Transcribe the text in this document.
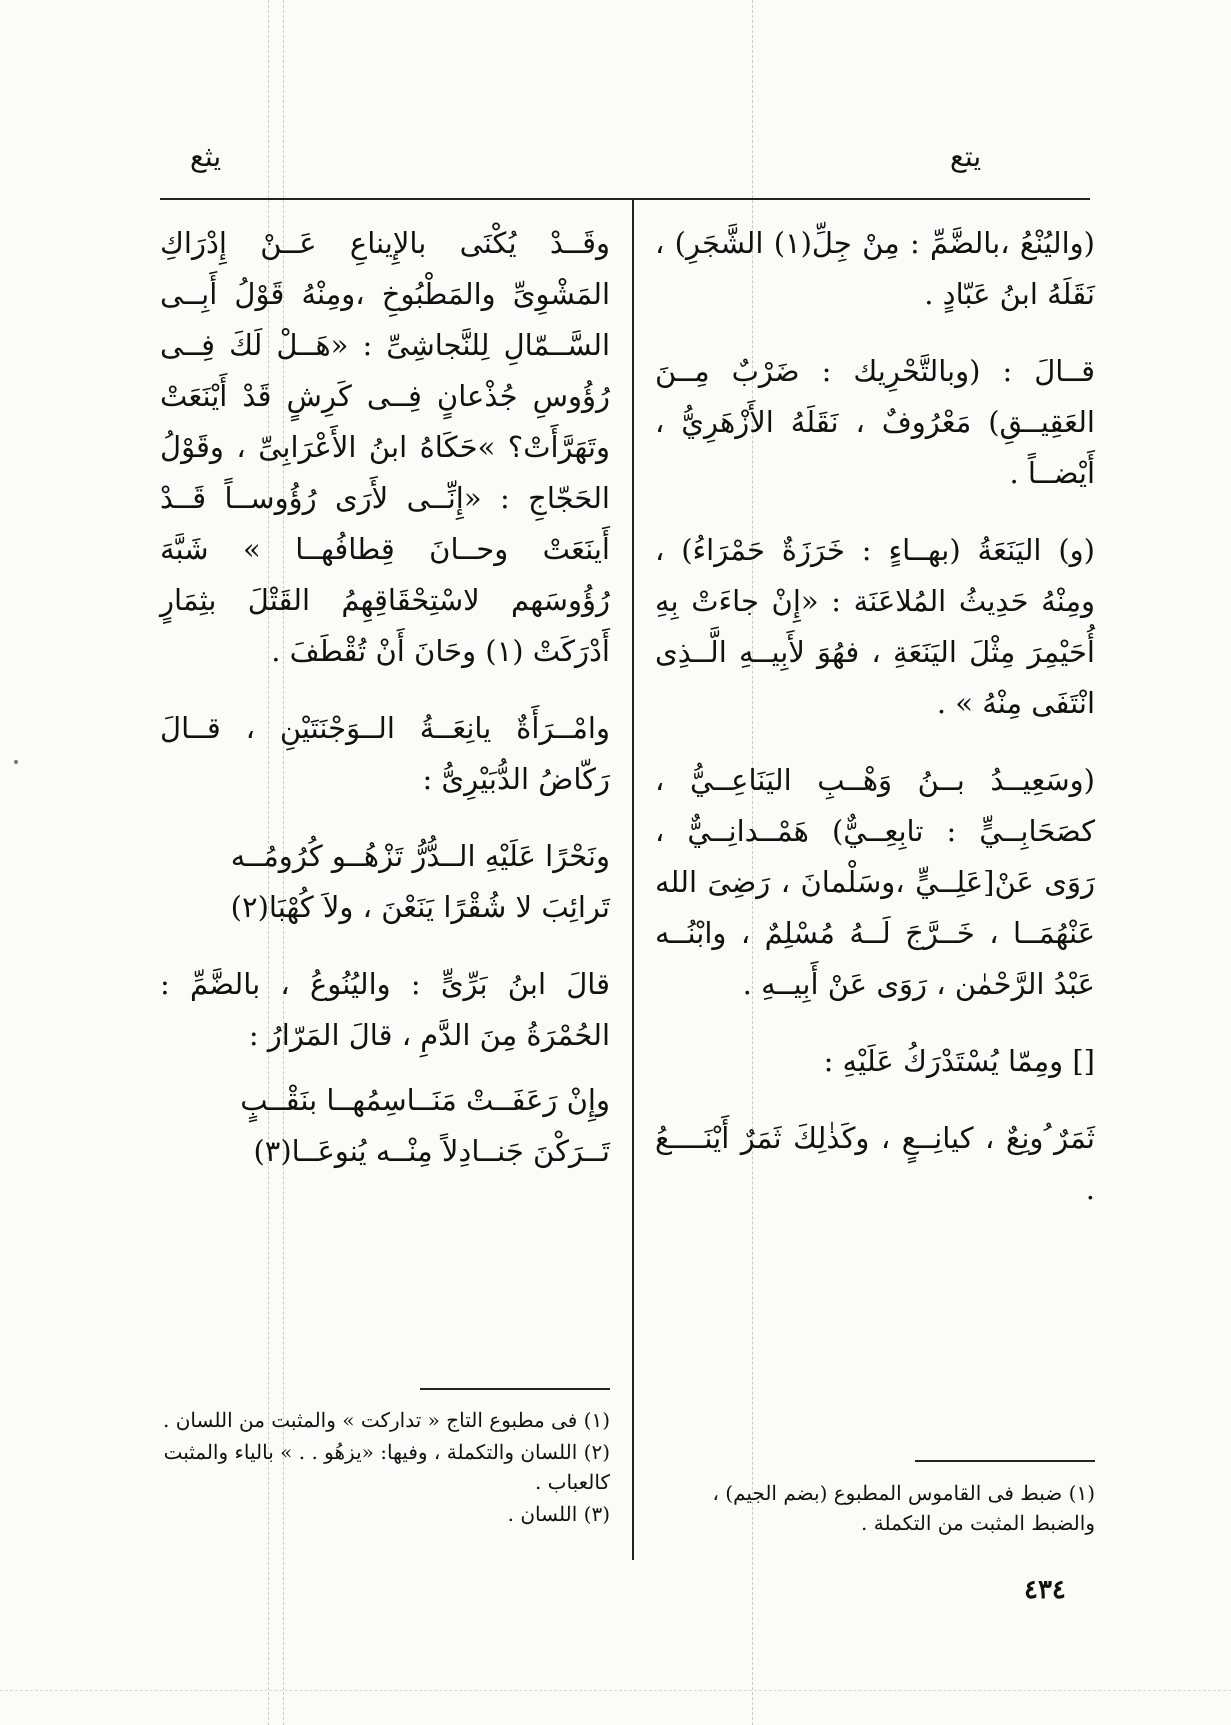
يتع
يثع

(واليُنْعُ ،بالضَّمِّ : مِنْ جِلِّ(١) الشَّجَرِ) ، نَقَلَهُ ابنُ عَبّادٍ .

قــالَ : (وبالتَّحْرِيك : ضَرْبٌ مِــنَ العَقِيــقِ) مَعْرُوفٌ ، نَقَلَهُ الأَزْهَرِيُّ ، أَيْضــاً .

(و) اليَنَعَةُ (بهــاءٍ : خَرَزَةٌ حَمْرَاءُ) ، ومِنْهُ حَدِيثُ المُلاعَنَة : «إِنْ جاءَتْ بِهِ أُحَيْمِرَ مِثْلَ اليَنَعَةِ ، فهُوَ لأَبِيــهِ الَّــذِى انْتَفَى مِنْهُ » .

(وسَعِيــدُ بــنُ وَهْــبِ اليَنَاعِــيُّ ، كصَحَابِــيٍّ : تابِعِــيٌّ) هَمْــدانِــيٌّ ، رَوَى عَنْ[عَلِــيٍّ ،وسَلْمانَ ، رَضِىَ الله عَنْهُمَــا ، خَــرَّجَ لَــهُ مُسْلِمٌ ، وابْنُــه عَبْدُ الرَّحْمٰن ، رَوَى عَنْ أَبِيــهِ .

[] ومِمّا يُسْتَدْرَكُ عَلَيْهِ :

ثَمَرٌ ُونِعٌ ، كيانِــعٍ ، وكَذٰلِكَ ثَمَرٌ أَيْنَــــعُ .

وقَــدْ يُكْنَى بالإِيناعِ عَــنْ إِدْرَاكِ المَشْوِىِّ والمَطْبُوخِ ،ومِنْهُ قَوْلُ أَبِــى السَّــمّالِ لِلنَّجاشِىِّ : «هَــلْ لَكَ فِــى رُؤُوسِ جُذْعانٍ فِــى كَرِشٍ قَدْ أَيْنَعَتْ وتَهَرَّأَتْ؟ »حَكَاهُ ابنُ الأَعْرَابِىِّ ، وقَوْلُ الحَجّاجِ : «إِنِّــى لأَرَى رُؤُوســاً قَــدْ أَينَعَتْ وحــانَ قِطافُهــا » شَبَّهَ رُؤُوسَهم لاسْتِحْقَاقِهِمُ القَتْلَ بثِمَارٍ أَدْرَكَتْ (١) وحَانَ أَنْ تُقْطَفَ .

وامْــرَأَةٌ يانِعَــةُ الــوَجْنَتَيْنِ ، قــالَ رَكّاضُ الدُّبَيْرِىُّ :

ونَحْرًا عَلَيْهِ الــدُّرُّ تَزْهُــو كُرُومُــه

تَرائِبَ لا شُقْرًا يَنَعْنَ ، ولاَ كُهْبَا(٢)

قالَ ابنُ بَرِّىٍّ : واليُنُوعُ ، بالضَّمِّ : الحُمْرَةُ مِنَ الدَّمِ ، قالَ المَرّارُ :

وإِنْ رَعَفَــتْ مَنَــاسِمُهــا بنَقْــبٍ

تَــرَكْنَ جَنــادِلاً مِنْــه يُنوعَــا(٣)

(١) فى مطبوع التاج « تداركت » والمثبت من اللسان .

(٢) اللسان والتكملة ، وفيها: «يزهُو . . » بالياء والمثبت كالعباب .

(٣) اللسان .

(١) ضبط فى القاموس المطبوع (بضم الجيم) ، والضبط المثبت من التكملة .

٤٣٤
